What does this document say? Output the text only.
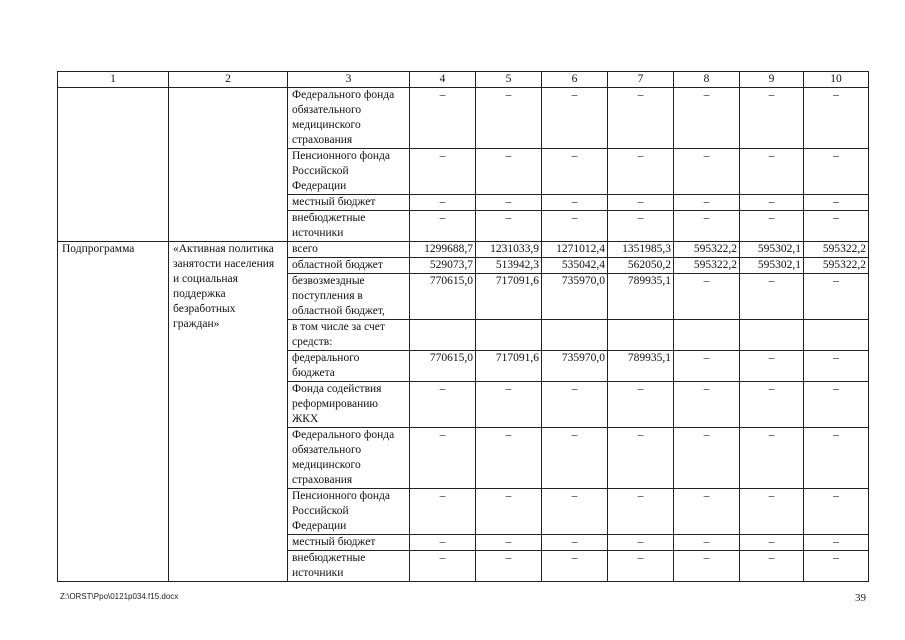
1	2	3	4	5	6	7	8	9	10
		Федерального фонда обязательного медицинского страхования	–	–	–	–	–	–	–
		Пенсионного фонда Российской Федерации	–	–	–	–	–	–	–
		местный бюджет	–	–	–	–	–	–	–
		внебюджетные источники	–	–	–	–	–	–	–
Подпрограмма	«Активная политика занятости населения и социальная поддержка безработных граждан»	всего	1299688,7	1231033,9	1271012,4	1351985,3	595322,2	595302,1	595322,2
		областной бюджет	529073,7	513942,3	535042,4	562050,2	595322,2	595302,1	595322,2
		безвозмездные поступления в областной бюджет,	770615,0	717091,6	735970,0	789935,1	–	–	–
		в том числе за счет средств:							
		федерального бюджета	770615,0	717091,6	735970,0	789935,1	–	–	–
		Фонда содействия реформированию ЖКХ	–	–	–	–	–	–	–
		Федерального фонда обязательного медицинского страхования	–	–	–	–	–	–	–
		Пенсионного фонда Российской Федерации	–	–	–	–	–	–	–
		местный бюджет	–	–	–	–	–	–	–
		внебюджетные источники	–	–	–	–	–	–	–
Z:\ORST\Ppo\0121p034.f15.docx	39
